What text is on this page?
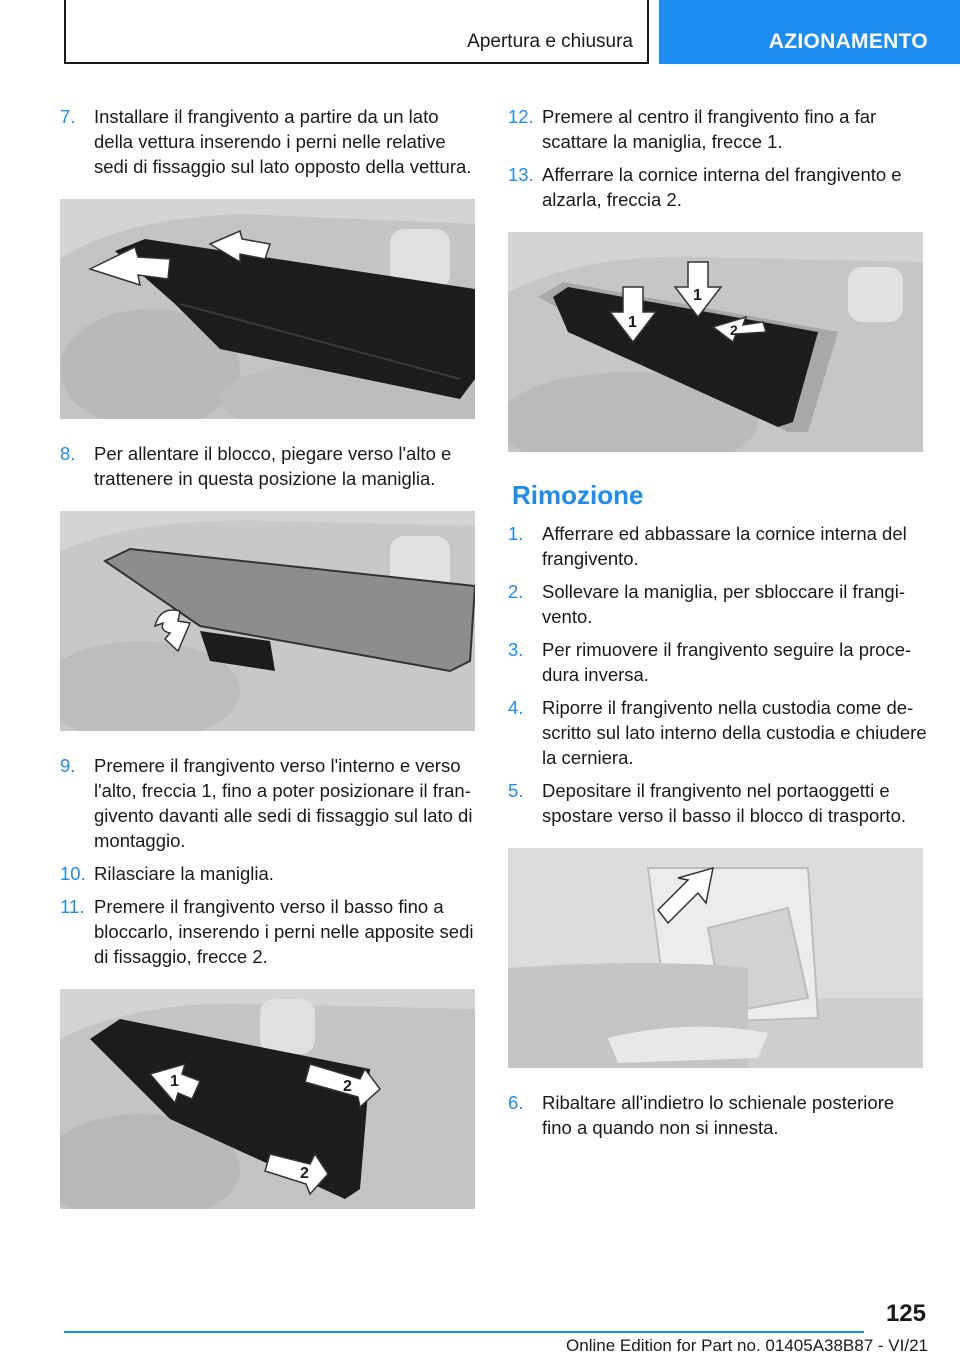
Apertura e chiusura	AZIONAMENTO
7. Installare il frangivento a partire da un lato della vettura inserendo i perni nelle relative sedi di fissaggio sul lato opposto della vettura.
8. Per allentare il blocco, piegare verso l'alto e trattenere in questa posizione la maniglia.
9. Premere il frangivento verso l'interno e verso l'alto, freccia 1, fino a poter posizionare il frangivento davanti alle sedi di fissaggio sul lato di montaggio.
10. Rilasciare la maniglia.
11. Premere il frangivento verso il basso fino a bloccarlo, inserendo i perni nelle apposite sedi di fissaggio, frecce 2.
1	2
2
12. Premere al centro il frangivento fino a far scattare la maniglia, frecce 1.
13. Afferrare la cornice interna del frangivento e alzarla, freccia 2.
1
1
2
Rimozione
1. Afferrare ed abbassare la cornice interna del frangivento.
2. Sollevare la maniglia, per sbloccare il frangivento.
3. Per rimuovere il frangivento seguire la procedura inversa.
4. Riporre il frangivento nella custodia come descritto sul lato interno della custodia e chiudere la cerniera.
5. Depositare il frangivento nel portaoggetti e spostare verso il basso il blocco di trasporto.
6. Ribaltare all'indietro lo schienale posteriore fino a quando non si innesta.
125
Online Edition for Part no. 01405A38B87 - VI/21
